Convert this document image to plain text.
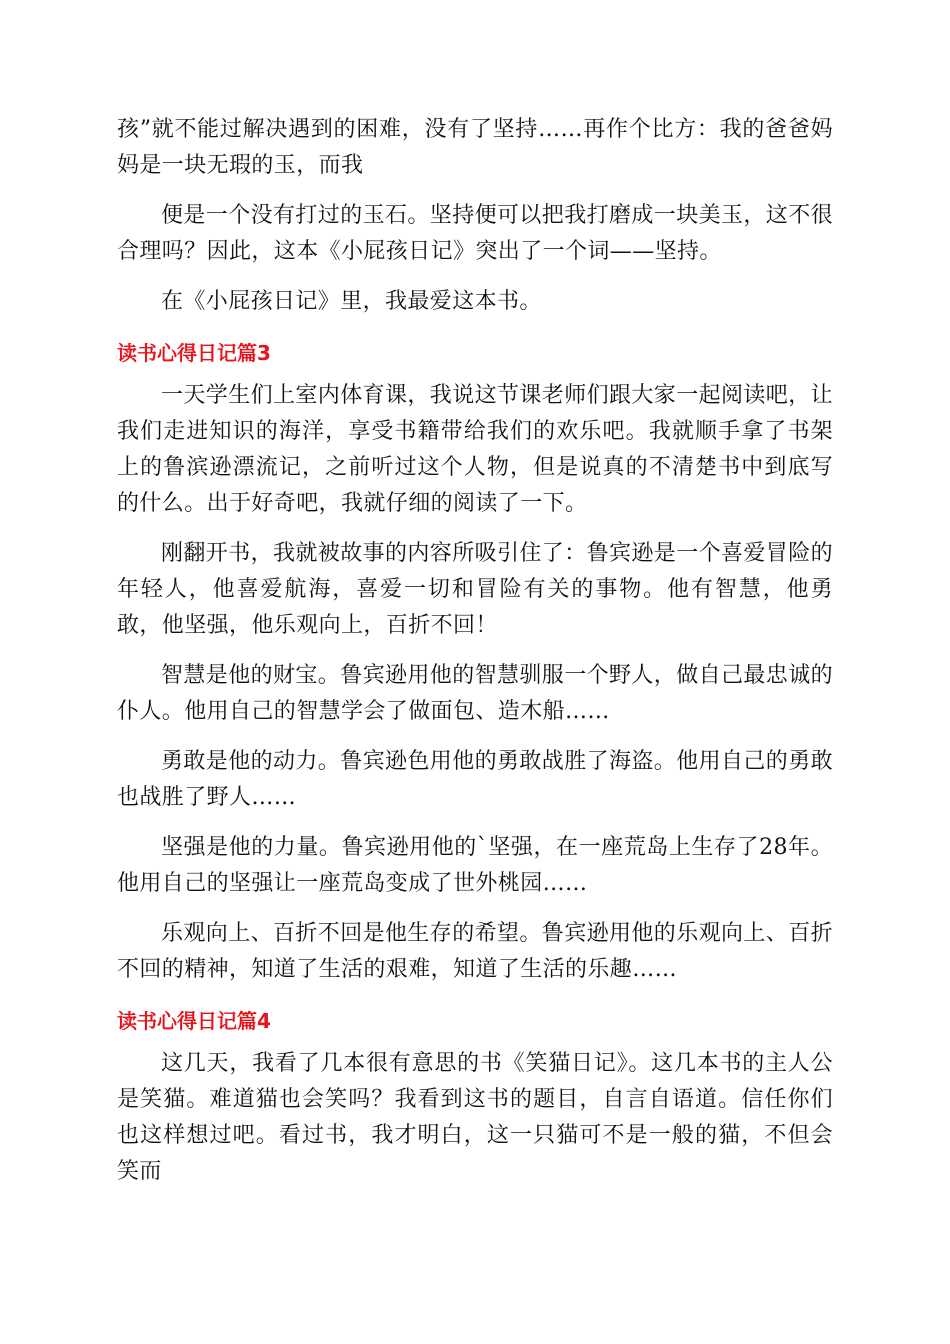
孩”就不能过解决遇到的困难，没有了坚持……再作个比方：我的爸爸妈妈是一块无瑕的玉，而我

便是一个没有打过的玉石。坚持便可以把我打磨成一块美玉，这不很合理吗？因此，这本《小屁孩日记》突出了一个词——坚持。

在《小屁孩日记》里，我最爱这本书。

读书心得日记篇3

一天学生们上室内体育课，我说这节课老师们跟大家一起阅读吧，让我们走进知识的海洋，享受书籍带给我们的欢乐吧。我就顺手拿了书架上的鲁滨逊漂流记，之前听过这个人物，但是说真的不清楚书中到底写的什么。出于好奇吧，我就仔细的阅读了一下。

刚翻开书，我就被故事的内容所吸引住了：鲁宾逊是一个喜爱冒险的年轻人，他喜爱航海，喜爱一切和冒险有关的事物。他有智慧，他勇敢，他坚强，他乐观向上，百折不回！

智慧是他的财宝。鲁宾逊用他的智慧驯服一个野人，做自己最忠诚的仆人。他用自己的智慧学会了做面包、造木船……

勇敢是他的动力。鲁宾逊色用他的勇敢战胜了海盗。他用自己的勇敢也战胜了野人……

坚强是他的力量。鲁宾逊用他的`坚强，在一座荒岛上生存了28年。他用自己的坚强让一座荒岛变成了世外桃园……

乐观向上、百折不回是他生存的希望。鲁宾逊用他的乐观向上、百折不回的精神，知道了生活的艰难，知道了生活的乐趣……

读书心得日记篇4

这几天，我看了几本很有意思的书《笑猫日记》。这几本书的主人公是笑猫。难道猫也会笑吗？我看到这书的题目，自言自语道。信任你们也这样想过吧。看过书，我才明白，这一只猫可不是一般的猫，不但会笑而
